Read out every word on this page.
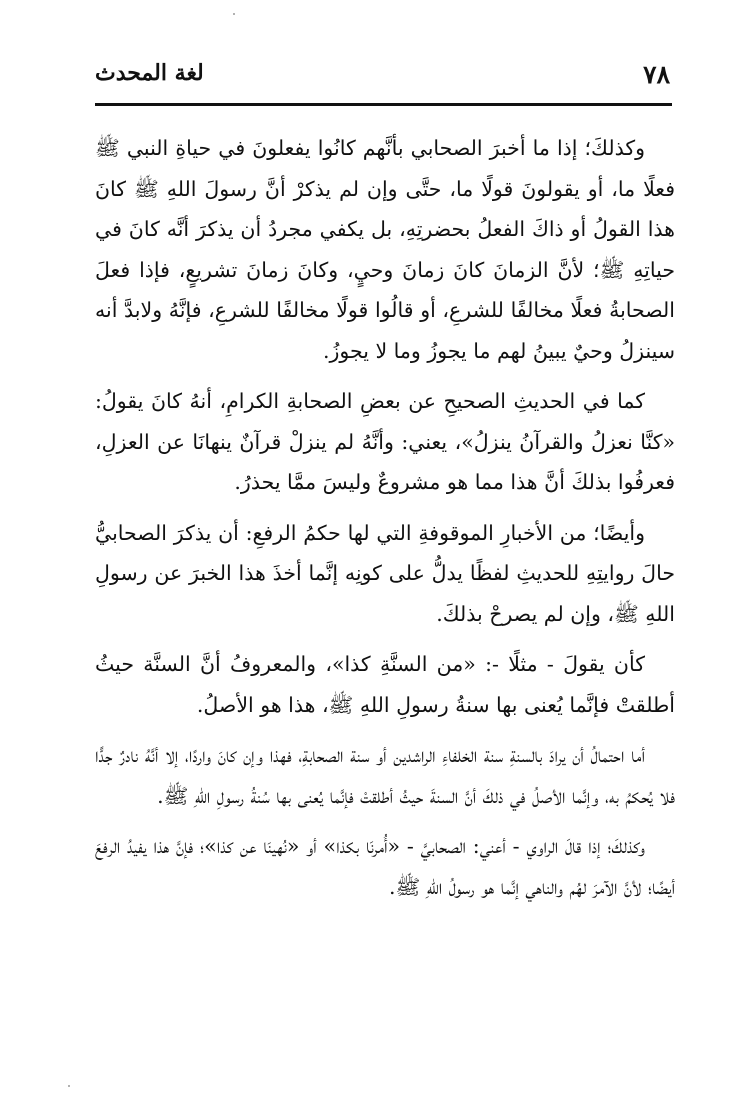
٧٨
لغة المحدث

وكذلكَ؛ إذا ما أخبرَ الصحابي بأنَّهم كانُوا يفعلونَ في حياةِ النبي ﷺ فعلًا ما، أو يقولونَ قولًا ما، حتَّى وإن لم يذكرْ أنَّ رسولَ اللهِ ﷺ كانَ هذا القولُ أو ذاكَ الفعلُ بحضرتِهِ، بل يكفي مجردُ أن يذكرَ أنَّه كانَ في حياتِهِ ﷺ؛ لأنَّ الزمانَ كانَ زمانَ وحيٍ، وكانَ زمانَ تشريعٍ، فإذا فعلَ الصحابةُ فعلًا مخالفًا للشرعِ، أو قالُوا قولًا مخالفًا للشرعِ، فإنَّهُ ولابدَّ أنه سينزلُ وحيٌ يبينُ لهم ما يجوزُ وما لا يجوزُ.

كما في الحديثِ الصحيحِ عن بعضِ الصحابةِ الكرامِ، أنهُ كانَ يقولُ: «كنَّا نعزلُ والقرآنُ ينزلُ»، يعني: وأنَّهُ لم ينزلْ قرآنٌ ينهانَا عن العزلِ، فعرفُوا بذلكَ أنَّ هذا مما هو مشروعٌ وليسَ ممَّا يحذرُ.

وأيضًا؛ من الأخبارِ الموقوفةِ التي لها حكمُ الرفعِ: أن يذكرَ الصحابيُّ حالَ روايتِهِ للحديثِ لفظًا يدلُّ على كونِه إنَّما أخذَ هذا الخبرَ عن رسولِ اللهِ ﷺ، وإن لم يصرحْ بذلكَ.

كأن يقولَ - مثلًا -: «من السنَّةِ كذا»، والمعروفُ أنَّ السنَّة حيثُ أطلقتْ فإنَّما يُعنى بها سنةُ رسولِ اللهِ ﷺ، هذا هو الأصلُ.

أما احتمالُ أن يرادَ بالسنةِ سنة الخلفاءِ الراشدين أو سنة الصحابةِ، فهذا وإن كانَ واردًا، إلا أنَّهُ نادرٌ جدًّا فلا يُحكمُ به، وإنَّما الأصلُ في ذلكَ أنَّ السنةَ حيثُ أطلقتْ فإنَّما يُعنى بها سُنةُ رسولِ اللهِ ﷺ.

وكذلكَ؛ إذا قالَ الراوي - أعني: الصحابيَّ - «أُمرنَا بكذا» أو «نُهينَا عن كذا»؛ فإنَّ هذا يفيدُ الرفعَ أيضًا؛ لأنَّ الآمرَ لهُم والناهي إنَّما هو رسولُ اللهِ ﷺ.
